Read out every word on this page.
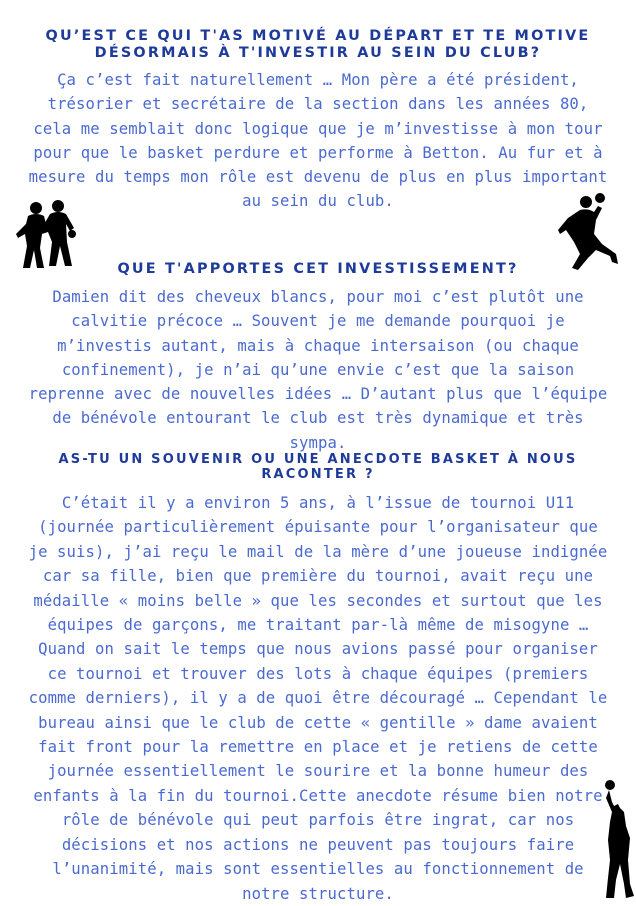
QU’EST CE QUI T'AS MOTIVÉ AU DÉPART ET TE MOTIVE DÉSORMAIS À T'INVESTIR AU SEIN DU CLUB?

Ça c’est fait naturellement … Mon père a été président, trésorier et secrétaire de la section dans les années 80, cela me semblait donc logique que je m’investisse à mon tour pour que le basket perdure et performe à Betton. Au fur et à mesure du temps mon rôle est devenu de plus en plus important au sein du club.

QUE T'APPORTES CET INVESTISSEMENT?

Damien dit des cheveux blancs, pour moi c’est plutôt une calvitie précoce … Souvent je me demande pourquoi je m’investis autant, mais à chaque intersaison (ou chaque confinement), je n’ai qu’une envie c’est que la saison reprenne avec de nouvelles idées … D’autant plus que l’équipe de bénévole entourant le club est très dynamique et très sympa.

AS-TU UN SOUVENIR OU UNE ANECDOTE BASKET À NOUS RACONTER ?

C’était il y a environ 5 ans, à l’issue de tournoi U11 (journée particulièrement épuisante pour l’organisateur que je suis), j’ai reçu le mail de la mère d’une joueuse indignée car sa fille, bien que première du tournoi, avait reçu une médaille « moins belle » que les secondes et surtout que les équipes de garçons, me traitant par-là même de misogyne … Quand on sait le temps que nous avions passé pour organiser ce tournoi et trouver des lots à chaque équipes (premiers comme derniers), il y a de quoi être découragé … Cependant le bureau ainsi que le club de cette « gentille » dame avaient fait front pour la remettre en place et je retiens de cette journée essentiellement le sourire et la bonne humeur des enfants à la fin du tournoi.Cette anecdote résume bien notre rôle de bénévole qui peut parfois être ingrat, car nos décisions et nos actions ne peuvent pas toujours faire l’unanimité, mais sont essentielles au fonctionnement de notre structure.
